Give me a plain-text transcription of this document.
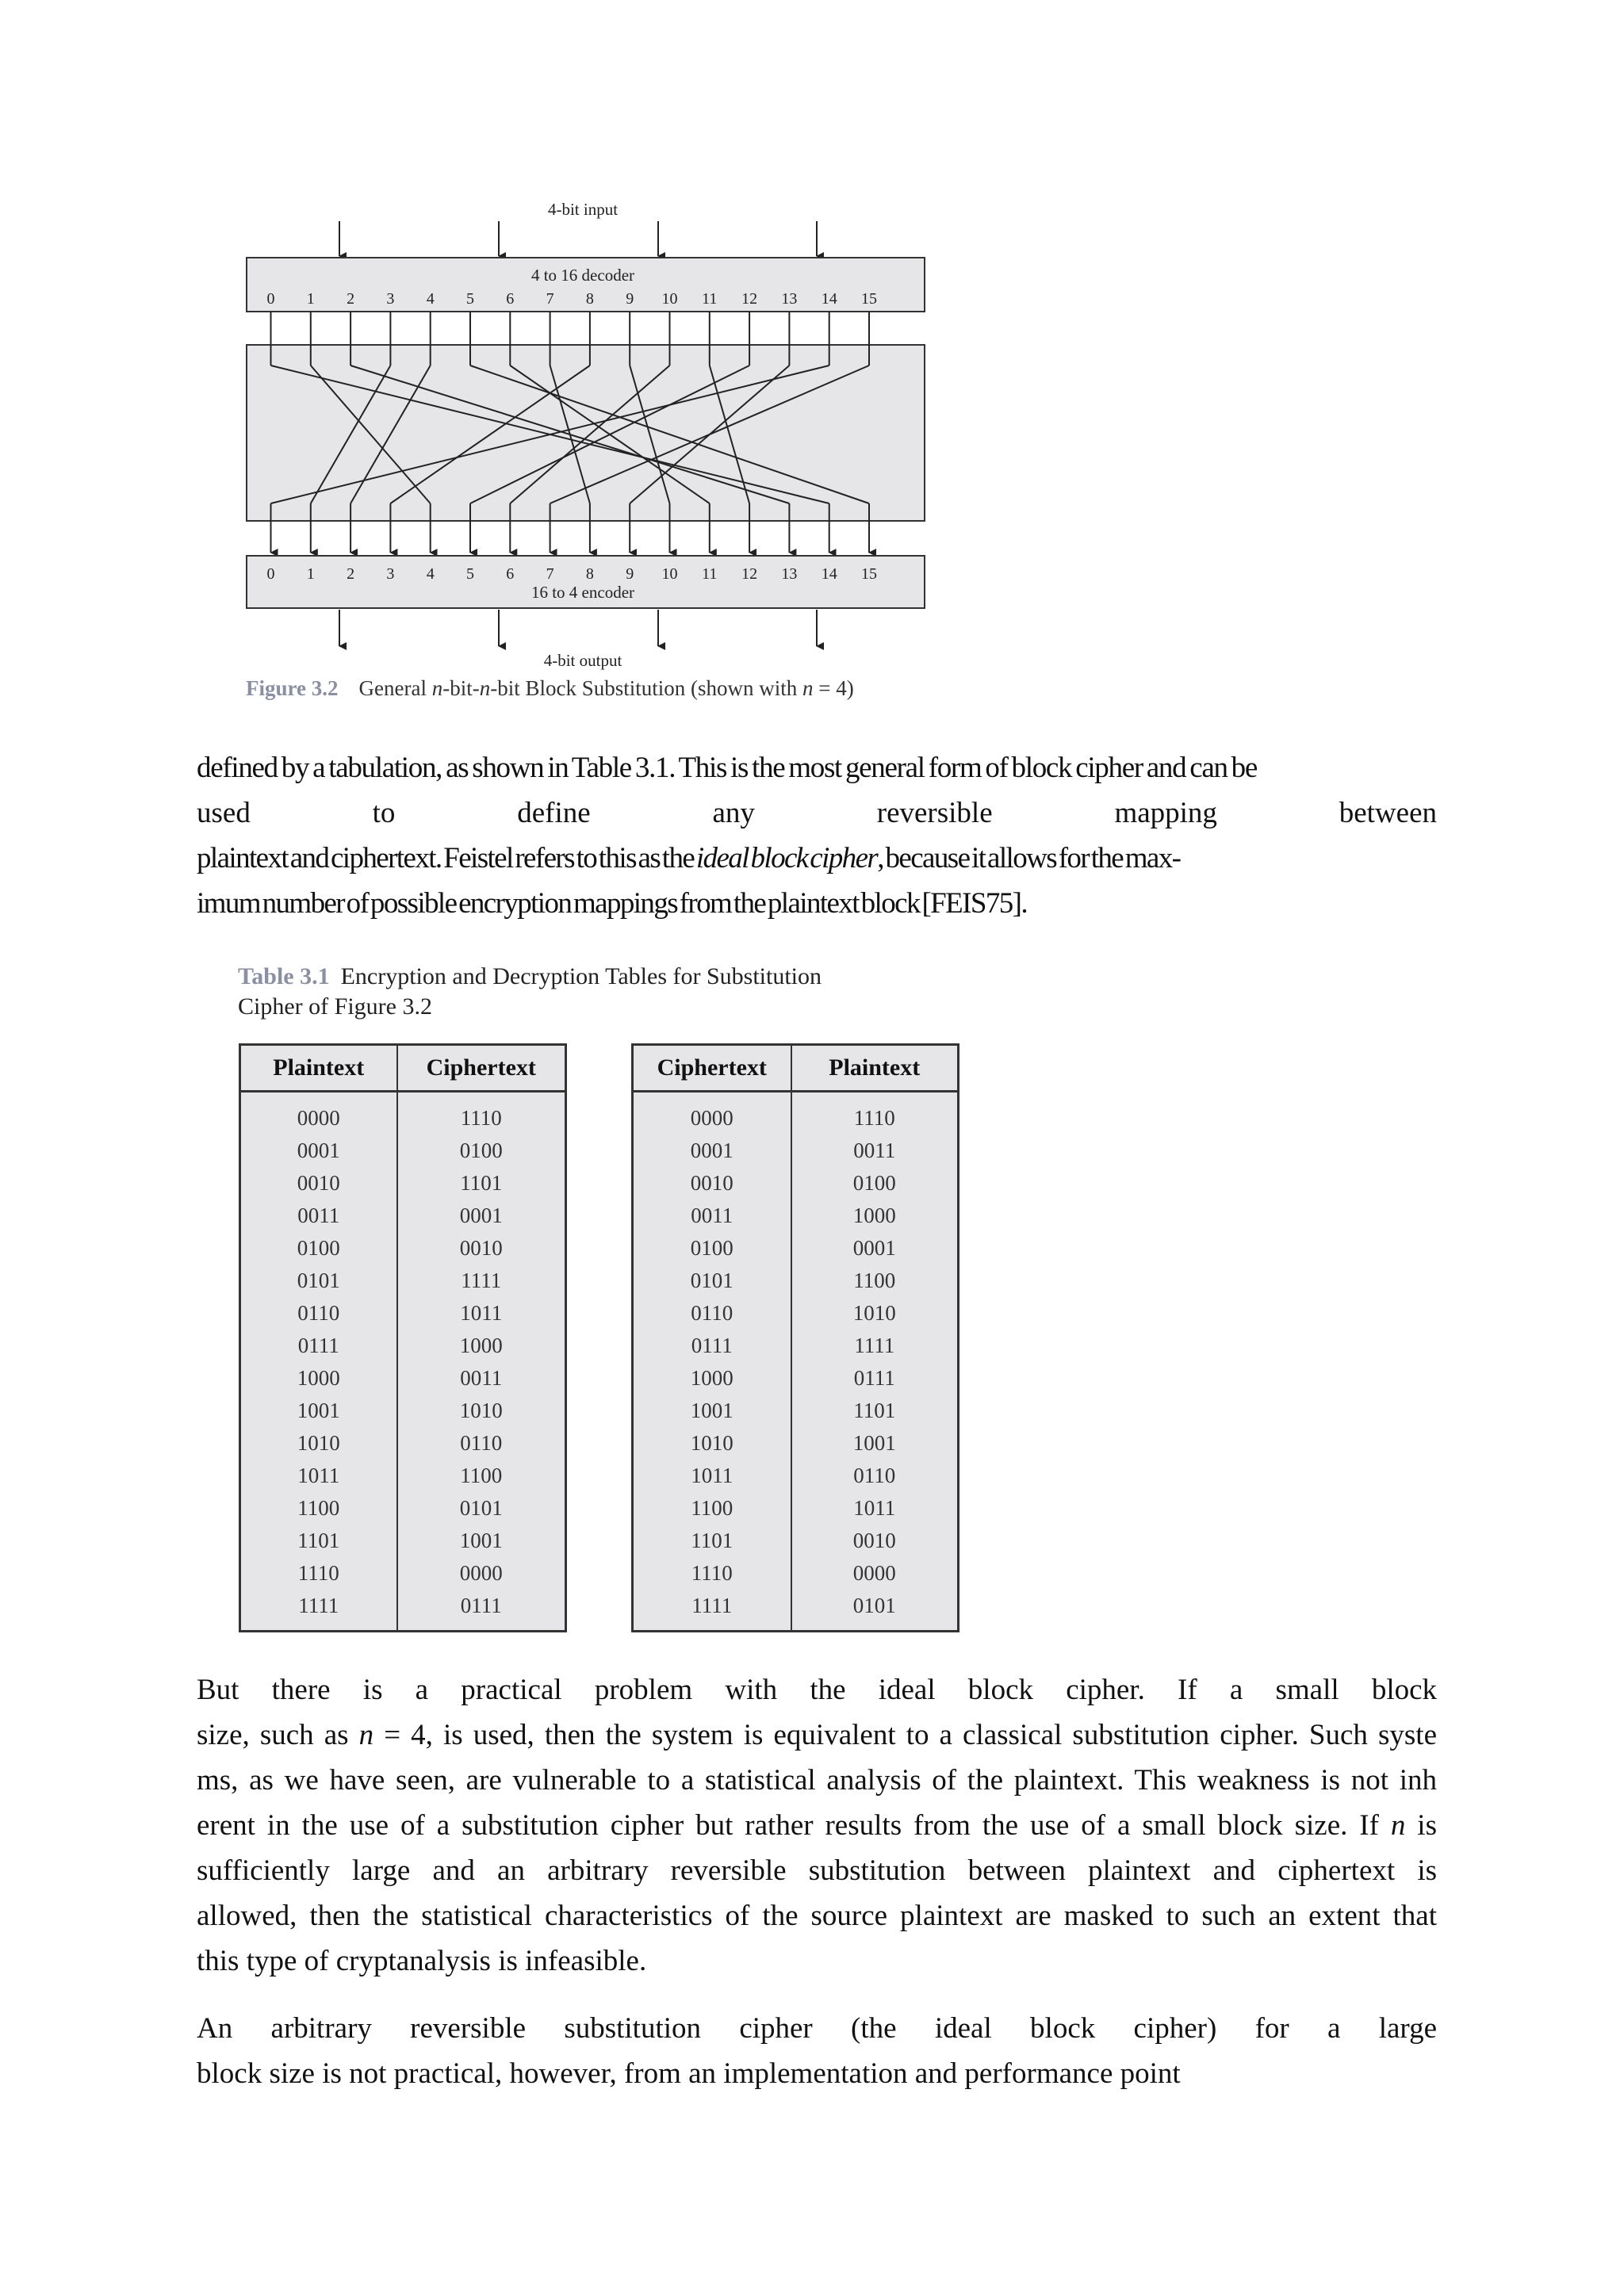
4-bit input
4 to 16 decoder
0 1 2 3 4 5 6 7 8 9 10 11 12 13 14 15
0 1 2 3 4 5 6 7 8 9 10 11 12 13 14 15
16 to 4 encoder
4-bit output
Figure 3.2 General n-bit-n-bit Block Substitution (shown with n = 4)
defined by a tabulation, as shown in Table 3.1. This is the most general form of block cipher and can be
used	to	define	any	reversible	mapping	between
plaintext and ciphertext. Feistel refers to this as the ideal block cipher, because it allows for the max-
imum number of possible encryption mappings from the plaintext block [FEIS75].
Table 3.1 Encryption and Decryption Tables for Substitution
Cipher of Figure 3.2
Plaintext	Ciphertext
0000	1110
0001	0100
0010	1101
0011	0001
0100	0010
0101	1111
0110	1011
0111	1000
1000	0011
1001	1010
1010	0110
1011	1100
1100	0101
1101	1001
1110	0000
1111	0111
Ciphertext	Plaintext
0000	1110
0001	0011
0010	0100
0011	1000
0100	0001
0101	1100
0110	1010
0111	1111
1000	0111
1001	1101
1010	1001
1011	0110
1100	1011
1101	0010
1110	0000
1111	0101
But there is a practical problem with the ideal block cipher. If a small block
size, such as n = 4, is used, then the system is equivalent to a classical substitution cipher. Such syste
ms, as we have seen, are vulnerable to a statistical analysis of the plaintext. This weakness is not inh
erent in the use of a substitution cipher but rather results from the use of a small block size. If n is
sufficiently large and an arbitrary reversible substitution between plaintext and ciphertext is
allowed, then the statistical characteristics of the source plaintext are masked to such an extent that
this type of cryptanalysis is infeasible.
An arbitrary reversible substitution cipher (the ideal block cipher) for a large
block size is not practical, however, from an implementation and performance point
